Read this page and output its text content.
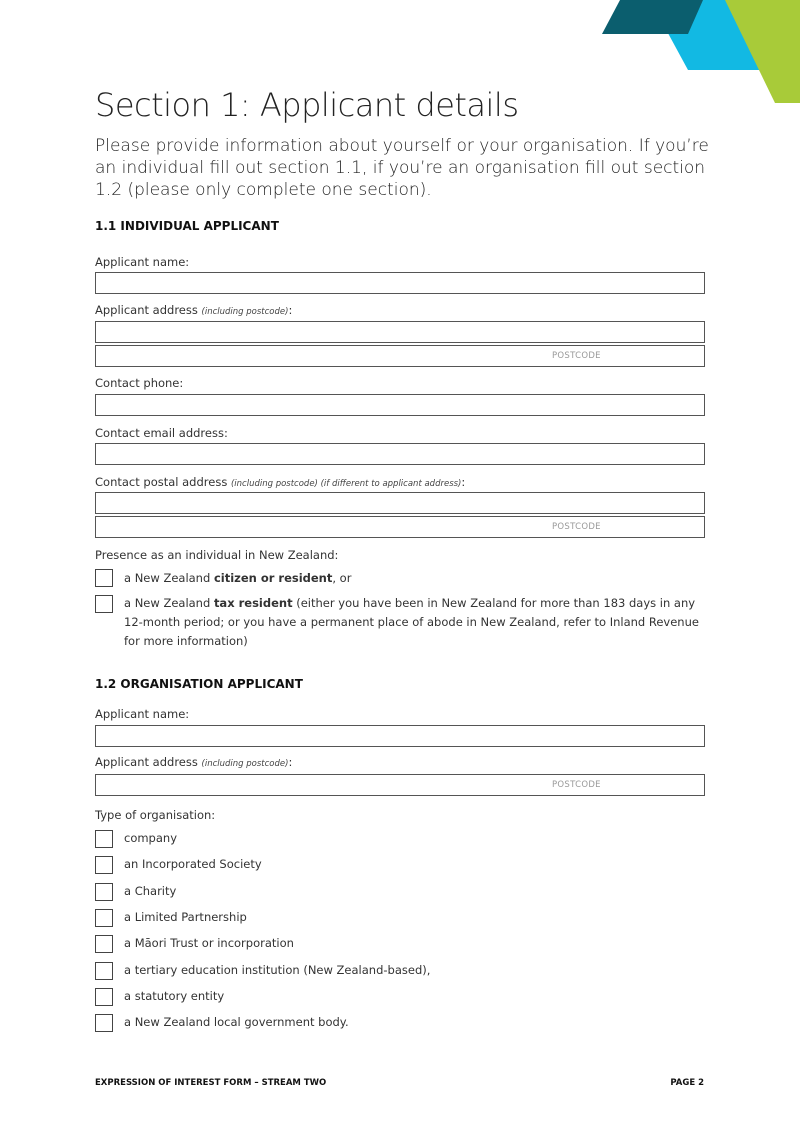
Section 1: Applicant details
Please provide information about yourself or your organisation. If you’re an individual fill out section 1.1, if you’re an organisation fill out section 1.2 (please only complete one section).
1.1 INDIVIDUAL APPLICANT
Applicant name:
Applicant address (including postcode):
POSTCODE
Contact phone:
Contact email address:
Contact postal address (including postcode) (if different to applicant address):
POSTCODE
Presence as an individual in New Zealand:
a New Zealand citizen or resident, or
a New Zealand tax resident (either you have been in New Zealand for more than 183 days in any 12-month period; or you have a permanent place of abode in New Zealand, refer to Inland Revenue for more information)
1.2 ORGANISATION APPLICANT
Applicant name:
Applicant address (including postcode):
POSTCODE
Type of organisation:
company
an Incorporated Society
a Charity
a Limited Partnership
a Māori Trust or incorporation
a tertiary education institution (New Zealand-based),
a statutory entity
a New Zealand local government body.
EXPRESSION OF INTEREST FORM – STREAM TWO	PAGE 2
